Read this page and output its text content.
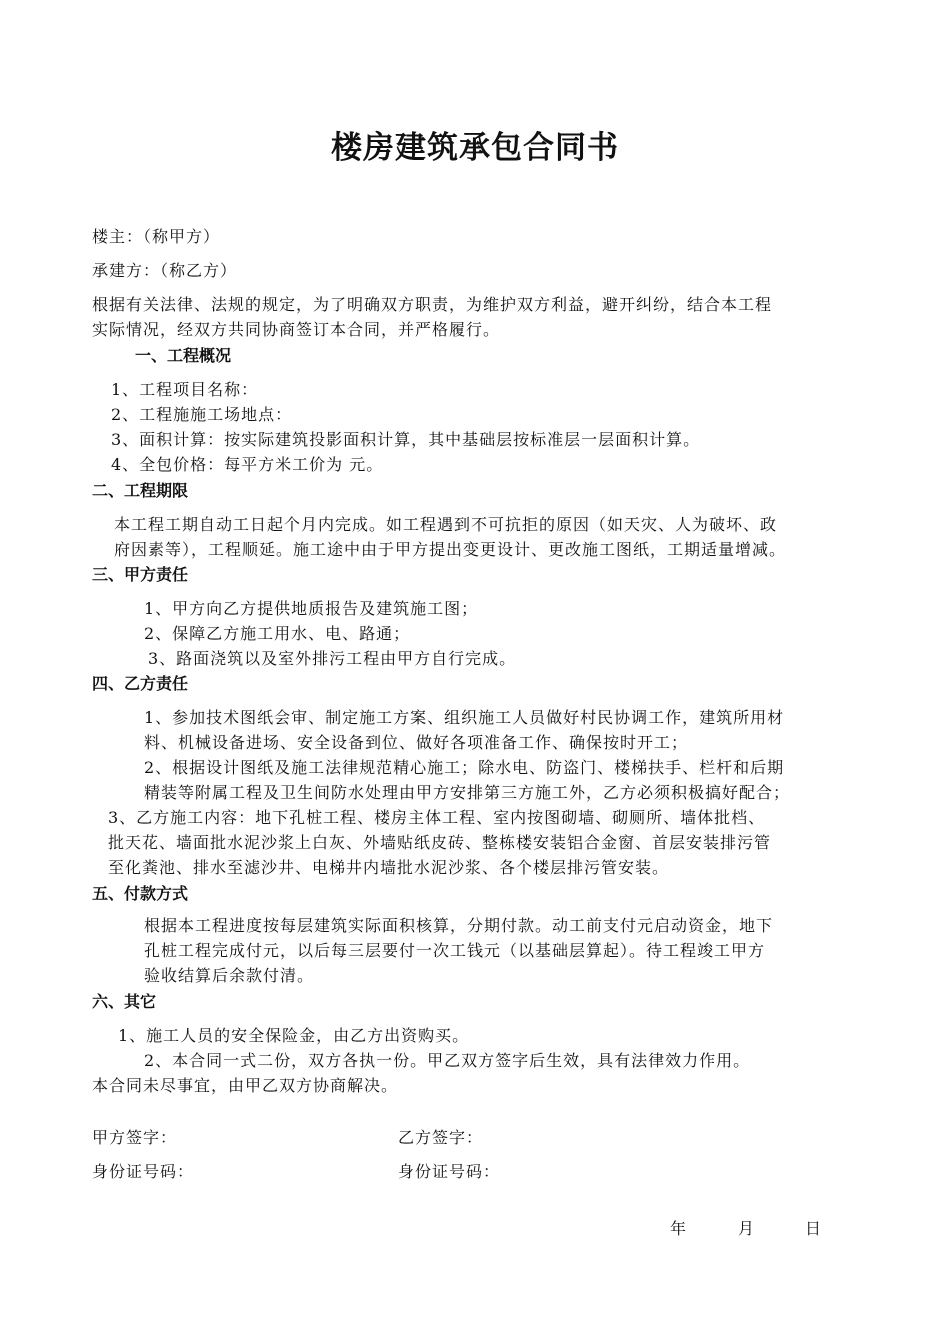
楼房建筑承包合同书
楼主：（称甲方）
承建方：（称乙方）
根据有关法律、法规的规定，为了明确双方职责，为维护双方利益，避开纠纷，结合本工程
实际情况，经双方共同协商签订本合同，并严格履行。
一、工程概况
1、工程项目名称：
2、工程施施工场地点：
3、面积计算：按实际建筑投影面积计算，其中基础层按标准层一层面积计算。
4、全包价格：每平方米工价为 元。
二、工程期限
本工程工期自动工日起个月内完成。如工程遇到不可抗拒的原因（如天灾、人为破坏、政
府因素等），工程顺延。施工途中由于甲方提出变更设计、更改施工图纸，工期适量增减。
三、甲方责任
1、甲方向乙方提供地质报告及建筑施工图；
2、保障乙方施工用水、电、路通；
3、路面浇筑以及室外排污工程由甲方自行完成。
四、乙方责任
1、参加技术图纸会审、制定施工方案、组织施工人员做好村民协调工作，建筑所用材
料、机械设备进场、安全设备到位、做好各项准备工作、确保按时开工；
2、根据设计图纸及施工法律规范精心施工；除水电、防盗门、楼梯扶手、栏杆和后期
精装等附属工程及卫生间防水处理由甲方安排第三方施工外，乙方必须积极搞好配合；
3、乙方施工内容：地下孔桩工程、楼房主体工程、室内按图砌墙、砌厕所、墙体批档、
批天花、墙面批水泥沙浆上白灰、外墙贴纸皮砖、整栋楼安装铝合金窗、首层安装排污管
至化粪池、排水至滤沙井、电梯井内墙批水泥沙浆、各个楼层排污管安装。
五、付款方式
根据本工程进度按每层建筑实际面积核算，分期付款。动工前支付元启动资金，地下
孔桩工程完成付元，以后每三层要付一次工钱元（以基础层算起）。待工程竣工甲方
验收结算后余款付清。
六、其它
1、施工人员的安全保险金，由乙方出资购买。
2、本合同一式二份，双方各执一份。甲乙双方签字后生效，具有法律效力作用。
本合同未尽事宜，由甲乙双方协商解决。
甲方签字：	乙方签字：
身份证号码：	身份证号码：
年	月	日
